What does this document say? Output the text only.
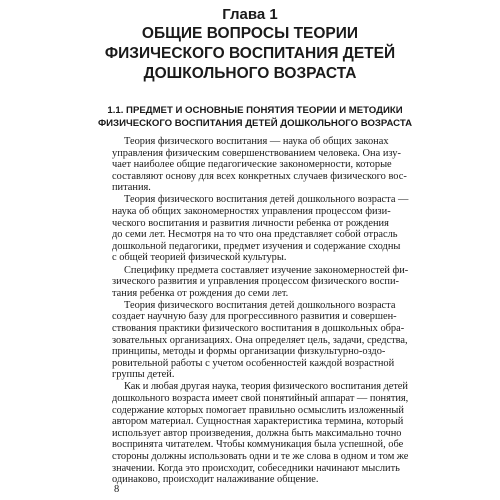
Глава 1
ОБЩИЕ ВОПРОСЫ ТЕОРИИ
ФИЗИЧЕСКОГО ВОСПИТАНИЯ ДЕТЕЙ
ДОШКОЛЬНОГО ВОЗРАСТА
1.1. ПРЕДМЕТ И ОСНОВНЫЕ ПОНЯТИЯ ТЕОРИИ И МЕТОДИКИ
ФИЗИЧЕСКОГО ВОСПИТАНИЯ ДЕТЕЙ ДОШКОЛЬНОГО ВОЗРАСТА
Теория физического воспитания — наука об общих законах
управления физическим совершенствованием человека. Она изу-
чает наиболее общие педагогические закономерности, которые
составляют основу для всех конкретных случаев физического вос-
питания.
Теория физического воспитания детей дошкольного возраста —
наука об общих закономерностях управления процессом физи-
ческого воспитания и развития личности ребенка от рождения
до семи лет. Несмотря на то что она представляет собой отрасль
дошкольной педагогики, предмет изучения и содержание сходны
с общей теорией физической культуры.
Спецификy предмета составляет изучение закономерностей фи-
зического развития и управления процессом физического воспи-
тания ребенка от рождения до семи лет.
Теория физического воспитания детей дошкольного возраста
создает научную базу для прогрессивного развития и совершен-
ствования практики физического воспитания в дошкольных обра-
зовательных организациях. Она определяет цель, задачи, средства,
принципы, методы и формы организации физкультурно-оздо-
ровительной работы с учетом особенностей каждой возрастной
группы детей.
Как и любая другая наука, теория физического воспитания детей
дошкольного возраста имеет свой понятийный аппарат — понятия,
содержание которых помогает правильно осмыслить изложенный
автором материал. Сущностная характеристика термина, который
использует автор произведения, должна быть максимально точно
воспринята читателем. Чтобы коммуникация была успешной, обе
стороны должны использовать одни и те же слова в одном и том же
значении. Когда это происходит, собеседники начинают мыслить
одинаково, происходит налаживание общение.
8
